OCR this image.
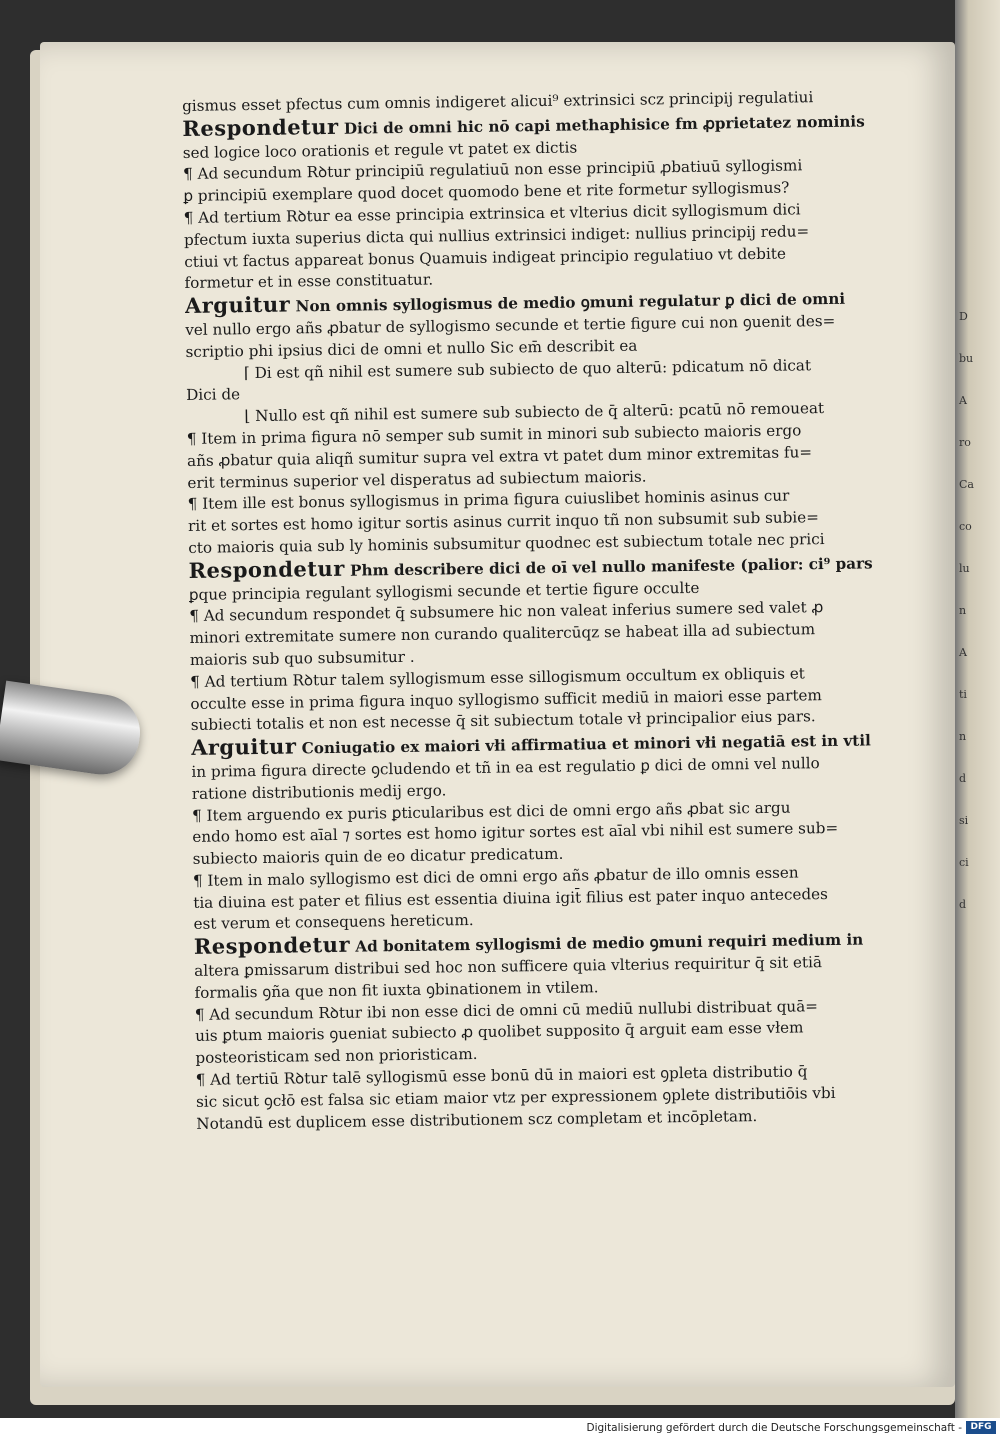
D
bu
A
ro
Ca
co
lu
n
A
ti
n
d
si
ci
d
gismus esset pfectus cum omnis indigeret alicui⁹ extrinsici scz principij regulatiui
Respondetur Dici de omni hic nō capi methaphisice fm ꝓprietatez nominis
sed logice loco orationis et regule vt patet ex dictis
¶ Ad secundum Rꝺtur principiū regulatiuū non esse principiū ꝓbatiuū syllogismi
ꝑ principiū exemplare quod docet quomodo bene et rite formetur syllogismus?
¶ Ad tertium Rꝺtur ea esse principia extrinsica et vlterius dicit syllogismum dici
pfectum iuxta superius dicta qui nullius extrinsici indiget: nullius principij redu=
ctiui vt factus appareat bonus Quamuis indigeat principio regulatiuo vt debite
formetur et in esse constituatur.
Arguitur Non omnis syllogismus de medio ꝯmuni regulatur ꝑ dici de omni
vel nullo ergo añs ꝓbatur de syllogismo secunde et tertie figure cui non ꝯuenit des=
scriptio phi ipsius dici de omni et nullo Sic em̄ describit ea
⌈ Di est qñ nihil est sumere sub subiecto de quo alterū: pdicatum nō dicat
Dici de
⌊ Nullo est qñ nihil est sumere sub subiecto de q̄ alterū: pcatū nō remoueat
¶ Item in prima figura nō semper sub sumit in minori sub subiecto maioris ergo
añs ꝓbatur quia aliqñ sumitur supra vel extra vt patet dum minor extremitas fu=
erit terminus superior vel disperatus ad subiectum maioris.
¶ Item ille est bonus syllogismus in prima figura cuiuslibet hominis asinus cur
rit et sortes est homo igitur sortis asinus currit inquo tñ non subsumit sub subie=
cto maioris quia sub ly hominis subsumitur quodnec est subiectum totale nec prici
Respondetur Phm describere dici de oī vel nullo manifeste (palior: ci⁹ pars
ꝑque principia regulant syllogismi secunde et tertie figure occulte
¶ Ad secundum respondet q̄ subsumere hic non valeat inferius sumere sed valet ꝓ
minori extremitate sumere non curando qualitercūqz se habeat illa ad subiectum
maioris sub quo subsumitur .
¶ Ad tertium Rꝺtur talem syllogismum esse sillogismum occultum ex obliquis et
occulte esse in prima figura inquo syllogismo sufficit mediū in maiori esse partem
subiecti totalis et non est necesse q̄ sit subiectum totale vł principalior eius pars.
Arguitur Coniugatio ex maiori vłi affirmatiua et minori vłi negatiā est in vtil
in prima figura directe ꝯcludendo et tñ in ea est regulatio ꝑ dici de omni vel nullo
ratione distributionis medij ergo.
¶ Item arguendo ex puris ꝑticularibus est dici de omni ergo añs ꝓbat sic argu
endo homo est aīal ⁊ sortes est homo igitur sortes est aīal vbi nihil est sumere sub=
subiecto maioris quin de eo dicatur predicatum.
¶ Item in malo syllogismo est dici de omni ergo añs ꝓbatur de illo omnis essen
tia diuina est pater et filius est essentia diuina igit̄ filius est pater inquo antecedes
est verum et consequens hereticum.
Respondetur Ad bonitatem syllogismi de medio ꝯmuni requiri medium in
altera ꝑmissarum distribui sed hoc non sufficere quia vlterius requiritur q̄ sit etiā
formalis ꝯña que non fit iuxta ꝯbinationem in vtilem.
¶ Ad secundum Rꝺtur ibi non esse dici de omni cū mediū nullubi distribuat quā=
uis ꝑtum maioris ꝯueniat subiecto ꝓ quolibet supposito q̄ arguit eam esse vłem
posteoristicam sed non prioristicam.
¶ Ad tertiū Rꝺtur talē syllogismū esse bonū dū in maiori est ꝯpleta distributio q̄
sic sicut ꝯcłō est falsa sic etiam maior vtz per expressionem ꝯplete distributiōis vbi
Notandū est duplicem esse distributionem scz completam et incōpletam.
Digitalisierung gefördert durch die Deutsche Forschungsgemeinschaft - DFG
